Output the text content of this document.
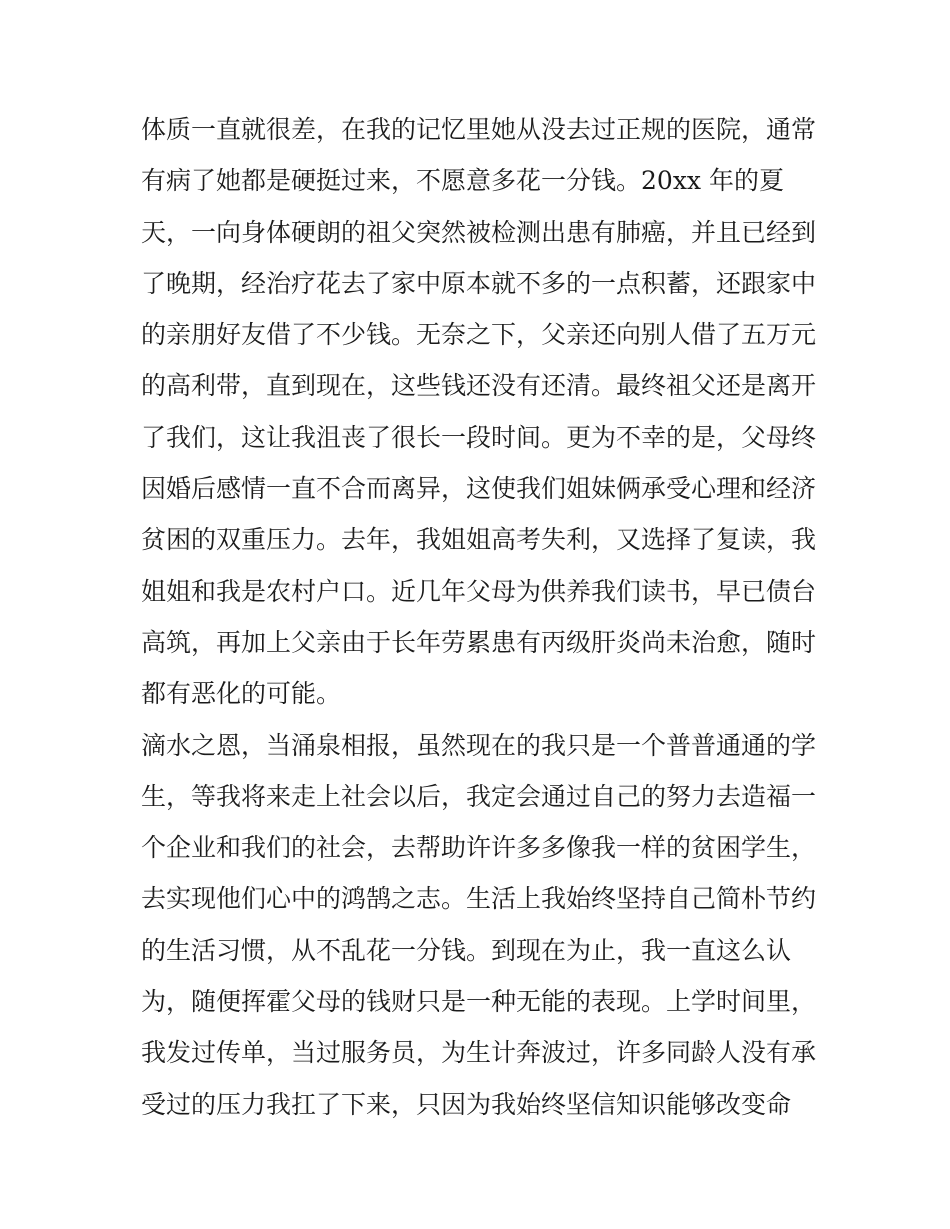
体质一直就很差，在我的记忆里她从没去过正规的医院，通常
有病了她都是硬挺过来，不愿意多花一分钱。20xx 年的夏
天，一向身体硬朗的祖父突然被检测出患有肺癌，并且已经到
了晚期，经治疗花去了家中原本就不多的一点积蓄，还跟家中
的亲朋好友借了不少钱。无奈之下，父亲还向别人借了五万元
的高利带，直到现在，这些钱还没有还清。最终祖父还是离开
了我们，这让我沮丧了很长一段时间。更为不幸的是，父母终
因婚后感情一直不合而离异，这使我们姐妹俩承受心理和经济
贫困的双重压力。去年，我姐姐高考失利，又选择了复读，我
姐姐和我是农村户口。近几年父母为供养我们读书，早已债台
高筑，再加上父亲由于长年劳累患有丙级肝炎尚未治愈，随时
都有恶化的可能。
滴水之恩，当涌泉相报，虽然现在的我只是一个普普通通的学
生，等我将来走上社会以后，我定会通过自己的努力去造福一
个企业和我们的社会，去帮助许许多多像我一样的贫困学生，
去实现他们心中的鸿鹄之志。生活上我始终坚持自己简朴节约
的生活习惯，从不乱花一分钱。到现在为止，我一直这么认
为，随便挥霍父母的钱财只是一种无能的表现。上学时间里，
我发过传单，当过服务员，为生计奔波过，许多同龄人没有承
受过的压力我扛了下来，只因为我始终坚信知识能够改变命
